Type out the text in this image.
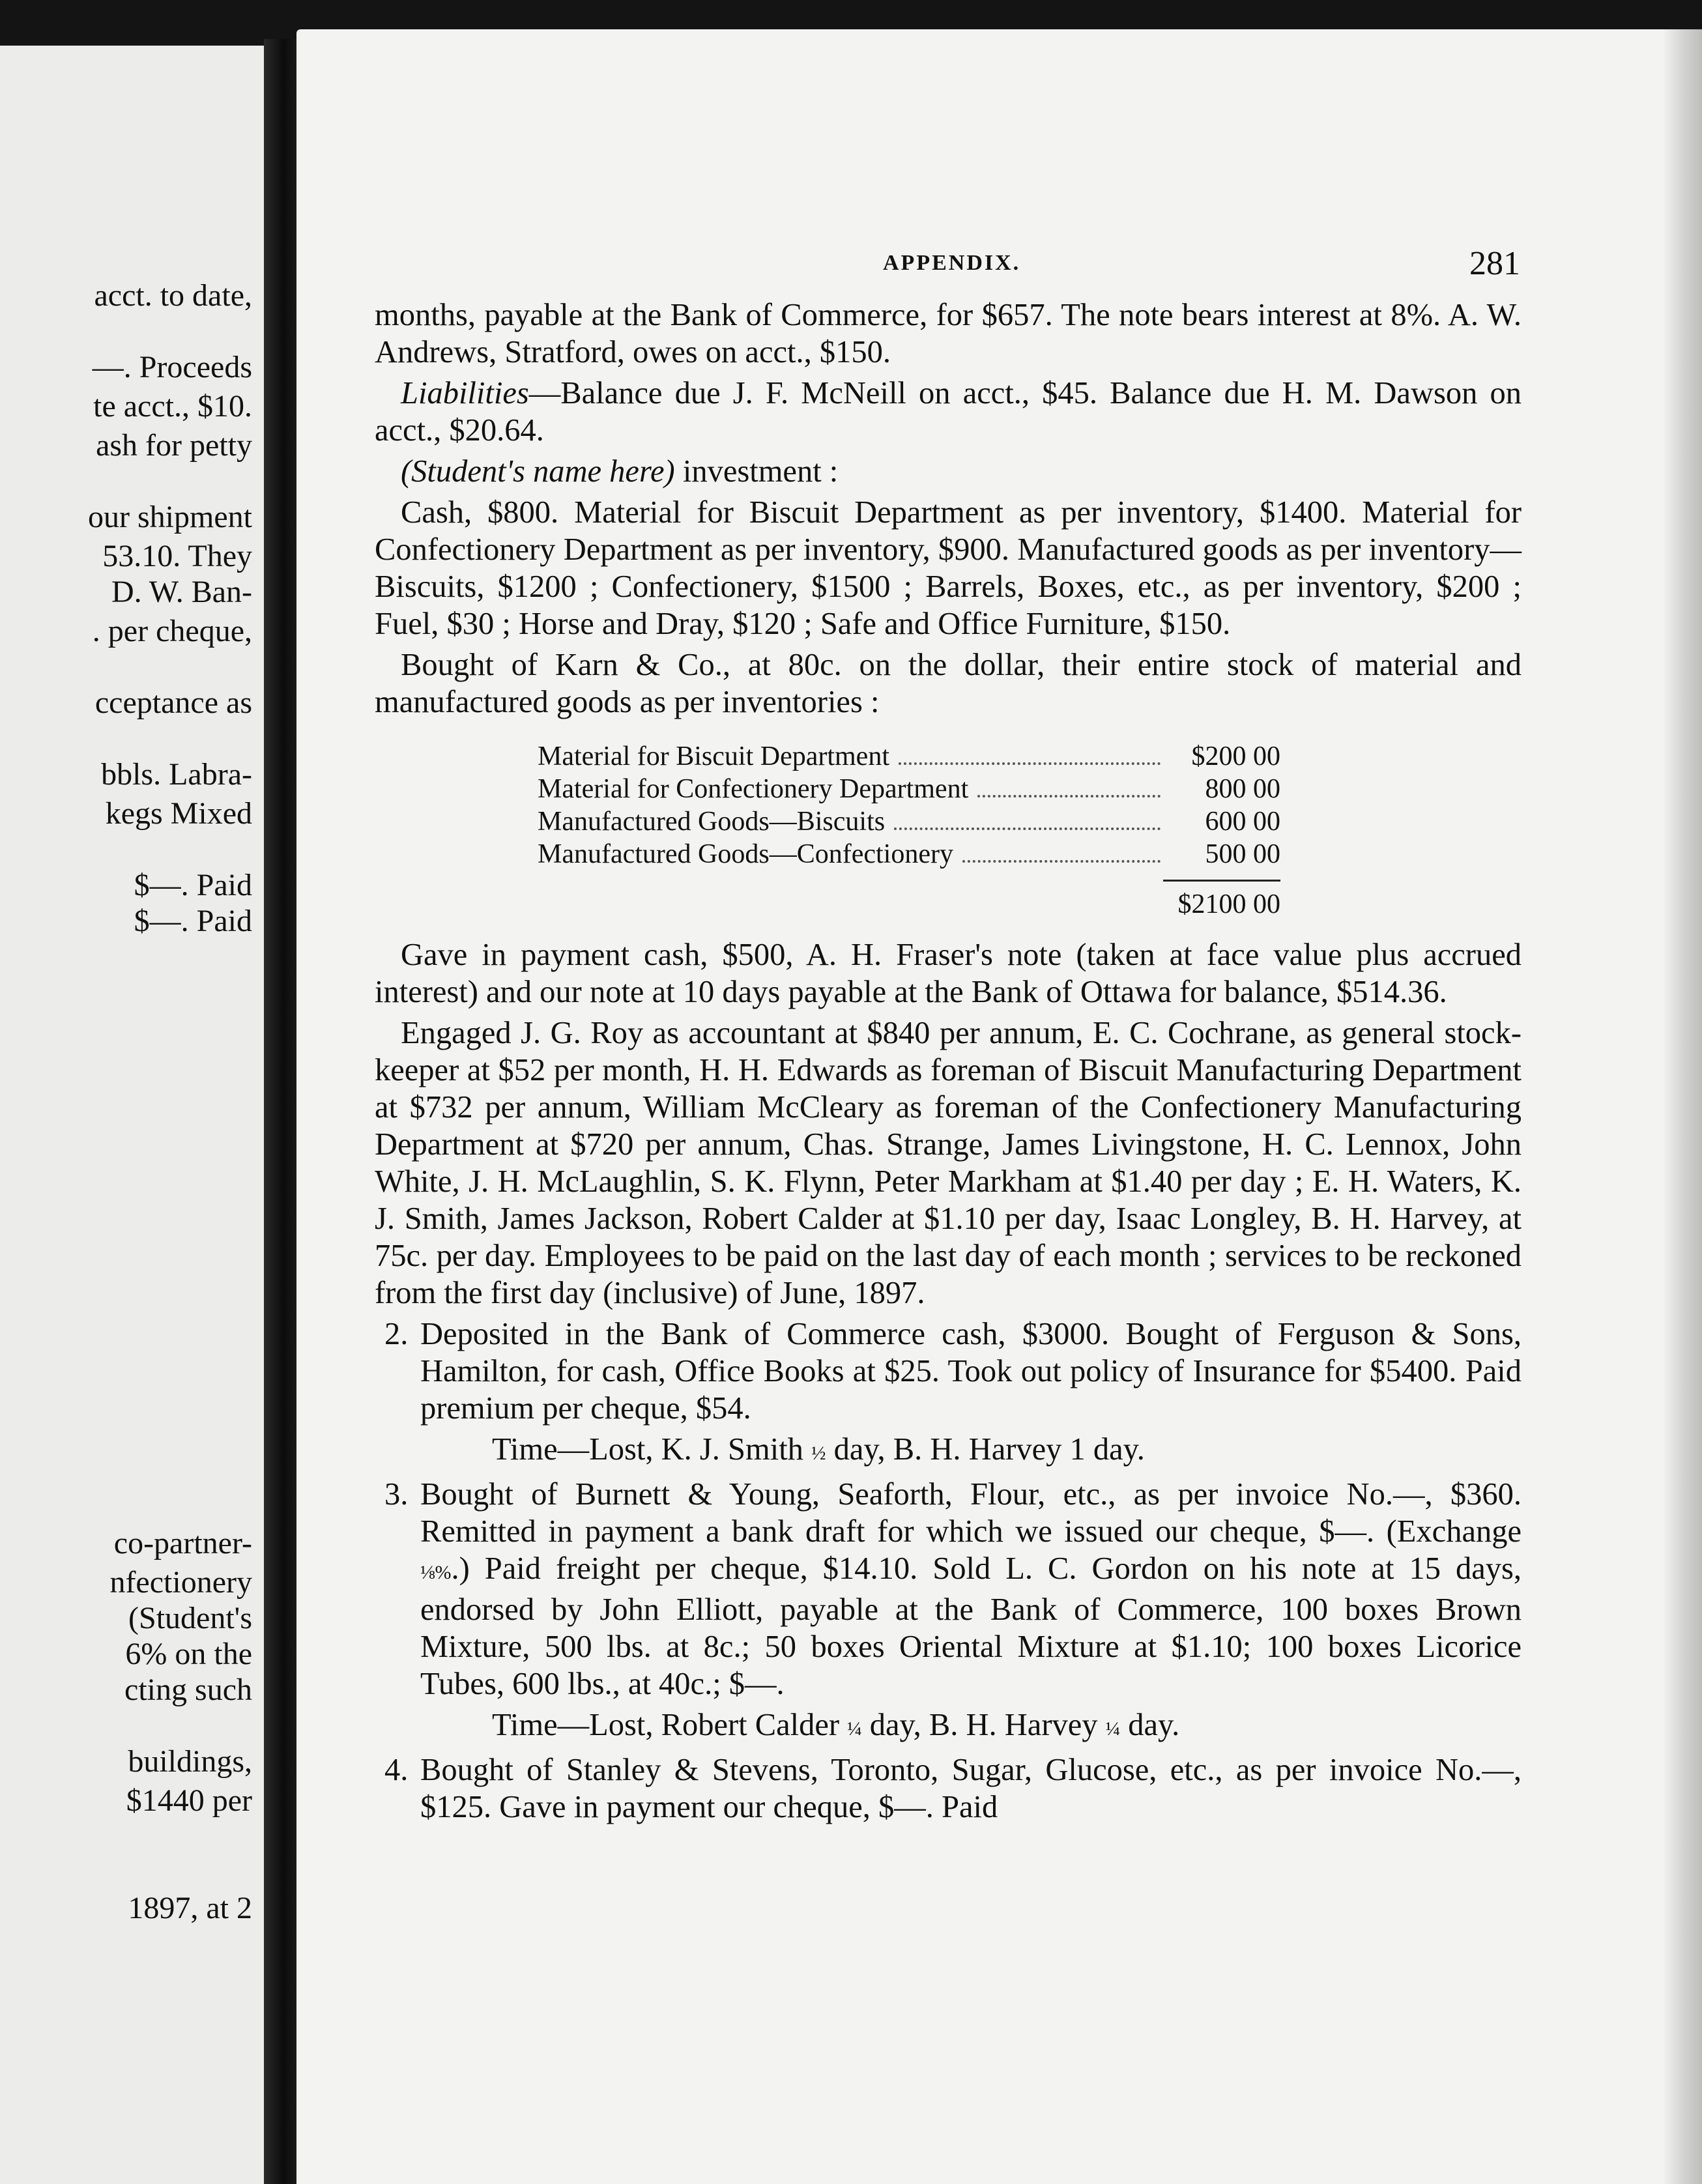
acct. to date,
—. Proceeds
te acct., $10.
ash for petty
our shipment
53.10. They
D. W. Ban-
. per cheque,
cceptance as
bbls. Labra-
kegs Mixed
$—. Paid
$—. Paid
co-partner-
nfectionery
(Student's
6% on the
cting such
buildings,
$1440 per
1897, at 2
APPENDIX.	281

months, payable at the Bank of Commerce, for $657. The note bears interest at 8%. A. W. Andrews, Stratford, owes on acct., $150.

Liabilities—Balance due J. F. McNeill on acct., $45. Balance due H. M. Dawson on acct., $20.64.

(Student's name here) investment :

Cash, $800. Material for Biscuit Department as per inventory, $1400. Material for Confectionery Department as per inventory, $900. Manufactured goods as per inventory—Biscuits, $1200 ; Confectionery, $1500 ; Barrels, Boxes, etc., as per inventory, $200 ; Fuel, $30 ; Horse and Dray, $120 ; Safe and Office Furniture, $150.

Bought of Karn & Co., at 80c. on the dollar, their entire stock of material and manufactured goods as per inventories :

Material for Biscuit Department	$200 00
Material for Confectionery Department	800 00
Manufactured Goods—Biscuits	600 00
Manufactured Goods—Confectionery	500 00
$2100 00

Gave in payment cash, $500, A. H. Fraser's note (taken at face value plus accrued interest) and our note at 10 days payable at the Bank of Ottawa for balance, $514.36.

Engaged J. G. Roy as accountant at $840 per annum, E. C. Cochrane, as general stock-keeper at $52 per month, H. H. Edwards as foreman of Biscuit Manufacturing Department at $732 per annum, William McCleary as foreman of the Confectionery Manufacturing Department at $720 per annum, Chas. Strange, James Livingstone, H. C. Lennox, John White, J. H. McLaughlin, S. K. Flynn, Peter Markham at $1.40 per day ; E. H. Waters, K. J. Smith, James Jackson, Robert Calder at $1.10 per day, Isaac Longley, B. H. Harvey, at 75c. per day. Employees to be paid on the last day of each month ; services to be reckoned from the first day (inclusive) of June, 1897.

2. Deposited in the Bank of Commerce cash, $3000. Bought of Ferguson & Sons, Hamilton, for cash, Office Books at $25. Took out policy of Insurance for $5400. Paid premium per cheque, $54.

Time—Lost, K. J. Smith ½ day, B. H. Harvey 1 day.

3. Bought of Burnett & Young, Seaforth, Flour, etc., as per invoice No.—, $360. Remitted in payment a bank draft for which we issued our cheque, $—. (Exchange ⅛%.) Paid freight per cheque, $14.10. Sold L. C. Gordon on his note at 15 days, endorsed by John Elliott, payable at the Bank of Commerce, 100 boxes Brown Mixture, 500 lbs. at 8c.; 50 boxes Oriental Mixture at $1.10; 100 boxes Licorice Tubes, 600 lbs., at 40c.; $—.

Time—Lost, Robert Calder ¼ day, B. H. Harvey ¼ day.

4. Bought of Stanley & Stevens, Toronto, Sugar, Glucose, etc., as per invoice No.—, $125. Gave in payment our cheque, $—. Paid
